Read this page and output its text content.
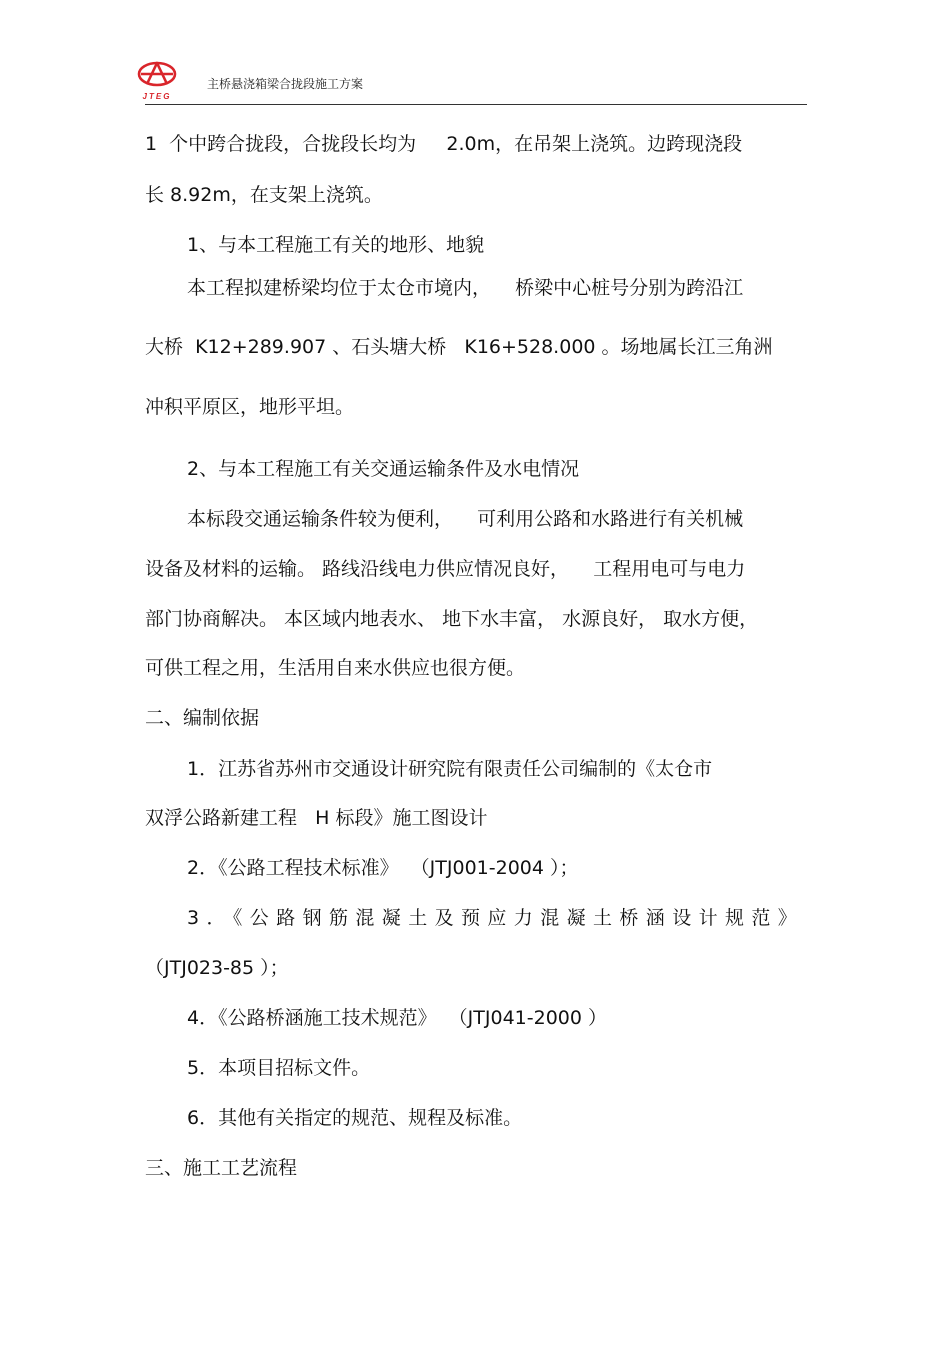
JTEG
主桥悬浇箱梁合拢段施工方案
1  个中跨合拢段，合拢段长均为     2.0m，在吊架上浇筑。边跨现浇段
长 8.92m，在支架上浇筑。
1、与本工程施工有关的地形、地貌
本工程拟建桥梁均位于太仓市境内，    桥梁中心桩号分别为跨沿江
大桥  K12+289.907 、石头塘大桥   K16+528.000 。场地属长江三角洲
冲积平原区，地形平坦。
2、与本工程施工有关交通运输条件及水电情况
本标段交通运输条件较为便利，    可利用公路和水路进行有关机械
设备及材料的运输。 路线沿线电力供应情况良好，    工程用电可与电力
部门协商解决。 本区域内地表水、 地下水丰富， 水源良好， 取水方便，
可供工程之用，生活用自来水供应也很方便。
二、编制依据
1．江苏省苏州市交通设计研究院有限责任公司编制的《太仓市
双浮公路新建工程   H 标段》施工图设计
2．《公路工程技术标准》  （JTJ001-2004 ）；
3．《公路钢筋混凝土及预应力混凝土桥涵设计规范》
（JTJ023-85 ）；
4．《公路桥涵施工技术规范》  （JTJ041-2000 ）
5．本项目招标文件。
6．其他有关指定的规范、规程及标准。
三、施工工艺流程
